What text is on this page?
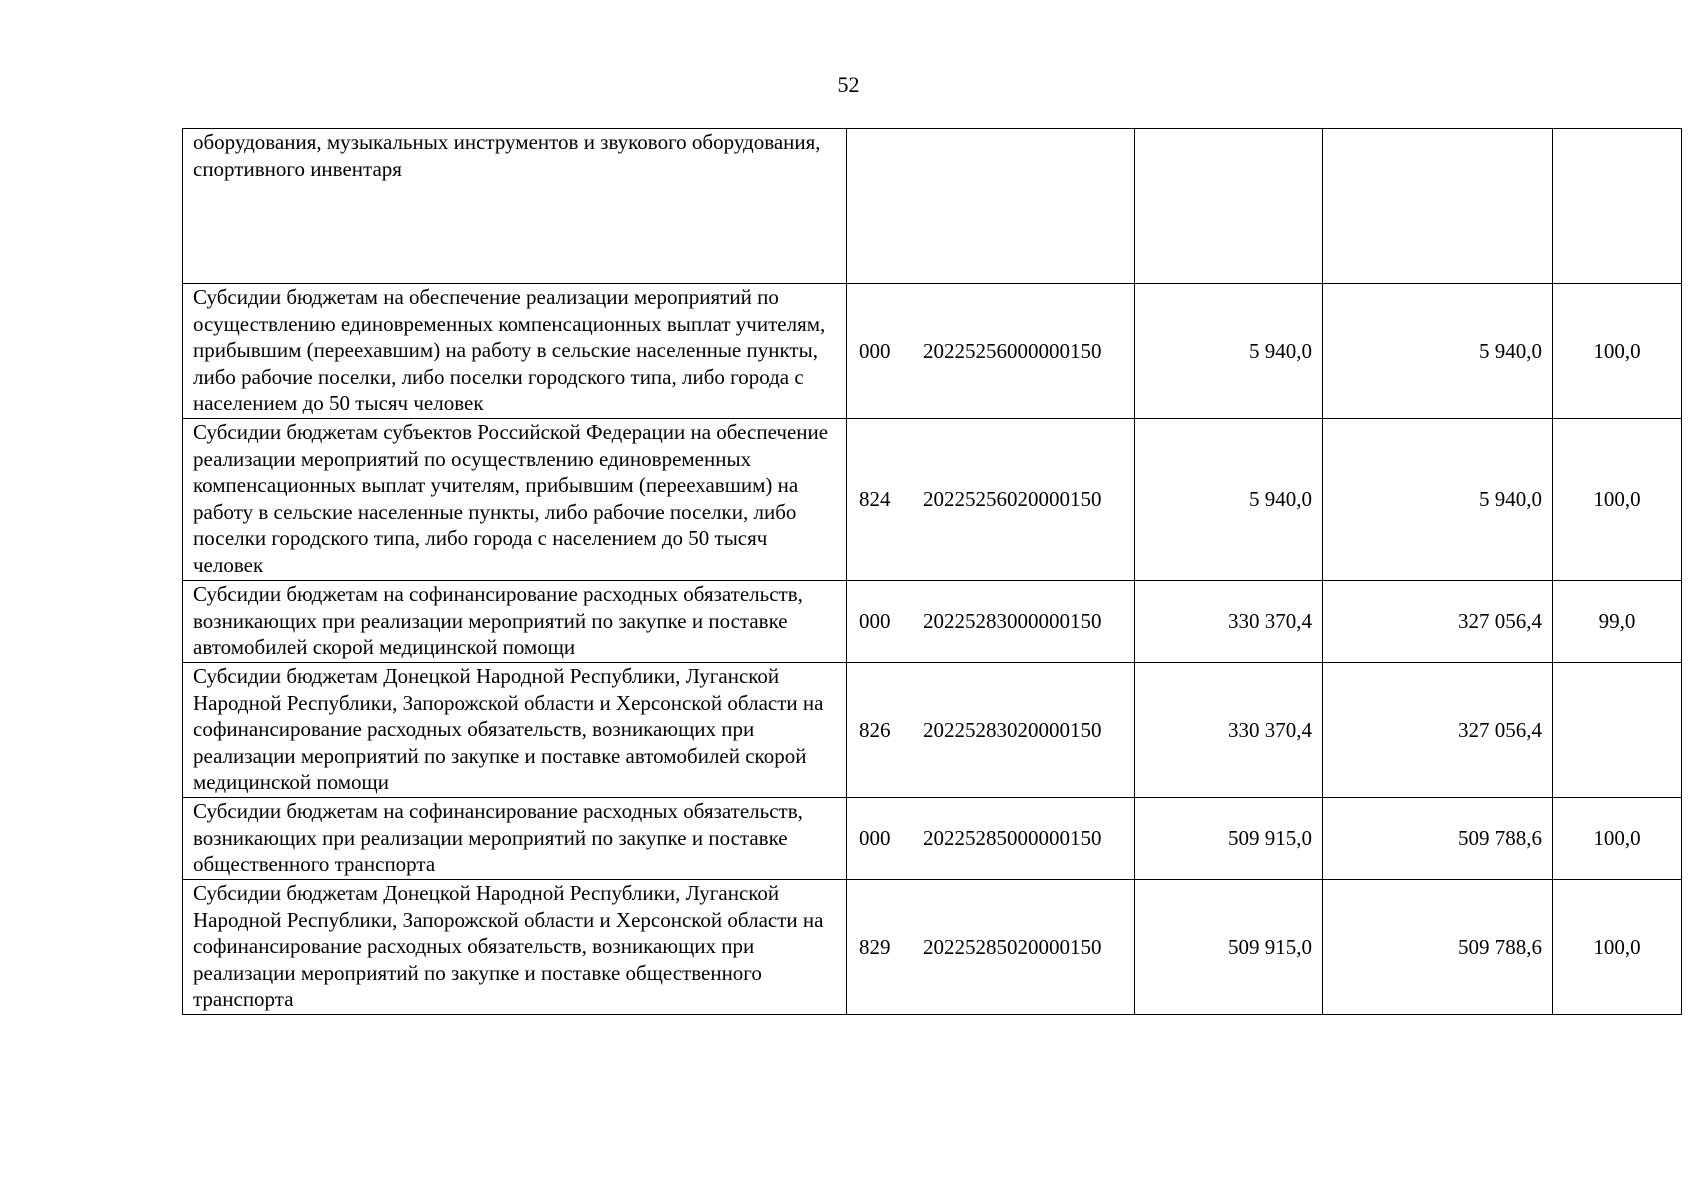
52
оборудования, музыкальных инструментов и звукового оборудования, спортивного инвентаря				
Субсидии бюджетам на обеспечение реализации мероприятий по осуществлению единовременных компенсационных выплат учителям, прибывшим (переехавшим) на работу в сельские населенные пункты, либо рабочие поселки, либо поселки городского типа, либо города с населением до 50 тысяч человек	000 20225256000000150	5 940,0	5 940,0	100,0
Субсидии бюджетам субъектов Российской Федерации на обеспечение реализации мероприятий по осуществлению единовременных компенсационных выплат учителям, прибывшим (переехавшим) на работу в сельские населенные пункты, либо рабочие поселки, либо поселки городского типа, либо города с населением до 50 тысяч человек	824 20225256020000150	5 940,0	5 940,0	100,0
Субсидии бюджетам на софинансирование расходных обязательств, возникающих при реализации мероприятий по закупке и поставке автомобилей скорой медицинской помощи	000 20225283000000150	330 370,4	327 056,4	99,0
Субсидии бюджетам Донецкой Народной Республики, Луганской Народной Республики, Запорожской области и Херсонской области на софинансирование расходных обязательств, возникающих при реализации мероприятий по закупке и поставке автомобилей скорой медицинской помощи	826 20225283020000150	330 370,4	327 056,4	
Субсидии бюджетам на софинансирование расходных обязательств, возникающих при реализации мероприятий по закупке и поставке общественного транспорта	000 20225285000000150	509 915,0	509 788,6	100,0
Субсидии бюджетам Донецкой Народной Республики, Луганской Народной Республики, Запорожской области и Херсонской области на софинансирование расходных обязательств, возникающих при реализации мероприятий по закупке и поставке общественного транспорта	829 20225285020000150	509 915,0	509 788,6	100,0
